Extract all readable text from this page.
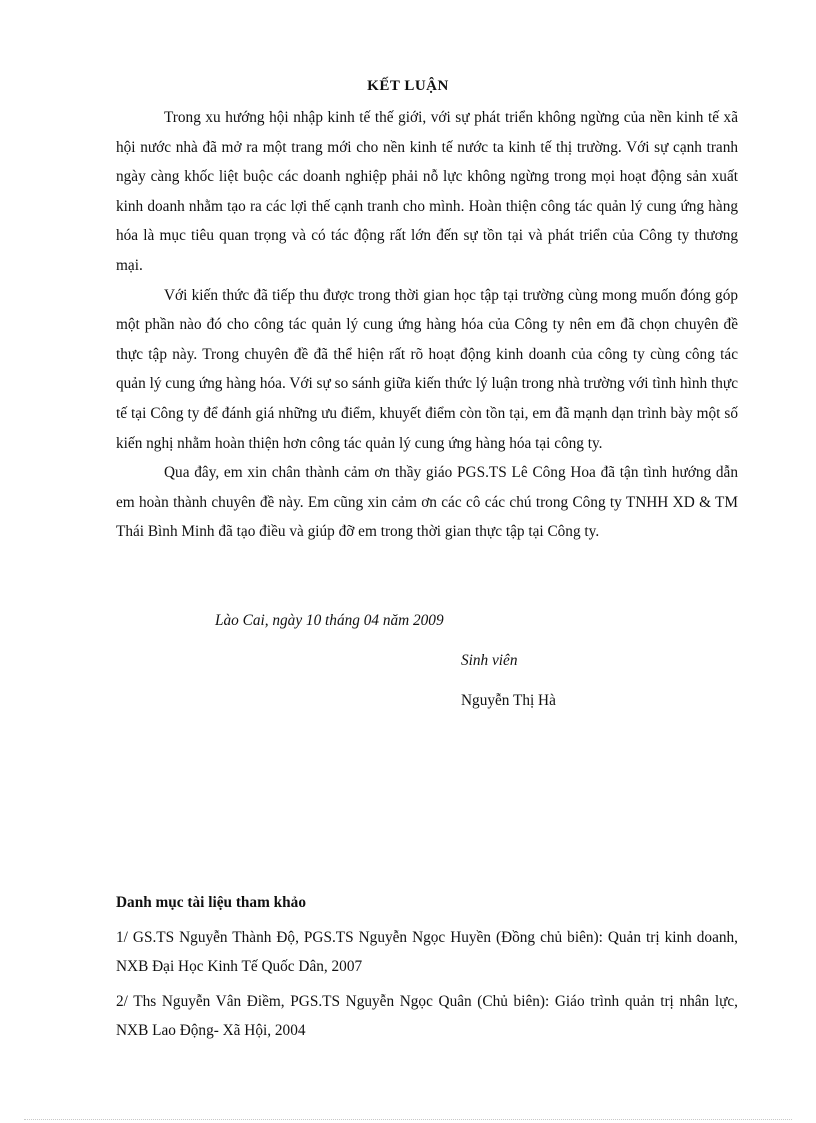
KẾT LUẬN

Trong xu hướng hội nhập kinh tế thế giới, với sự phát triển không ngừng của nền kinh tế xã hội nước nhà đã mở ra một trang mới cho nền kinh tế nước ta kinh tế thị trường. Với sự cạnh tranh ngày càng khốc liệt buộc các doanh nghiệp phải nỗ lực không ngừng trong mọi hoạt động sản xuất kinh doanh nhằm tạo ra các lợi thế cạnh tranh cho mình. Hoàn thiện công tác quản lý cung ứng hàng hóa là mục tiêu quan trọng và có tác động rất lớn đến sự tồn tại và phát triển của Công ty thương mại.

Với kiến thức đã tiếp thu được trong thời gian học tập tại trường cùng mong muốn đóng góp một phần nào đó cho công tác quản lý cung ứng hàng hóa của Công ty nên em đã chọn chuyên đề thực tập này. Trong chuyên đề đã thể hiện rất rõ hoạt động kinh doanh của công ty cùng công tác quản lý cung ứng hàng hóa. Với sự so sánh giữa kiến thức lý luận trong nhà trường với tình hình thực tế tại Công ty để đánh giá những ưu điểm, khuyết điểm còn tồn tại, em đã mạnh dạn trình bày một số kiến nghị nhằm hoàn thiện hơn công tác quản lý cung ứng hàng hóa tại công ty.

Qua đây, em xin chân thành cảm ơn thầy giáo PGS.TS Lê Công Hoa đã tận tình hướng dẫn em hoàn thành chuyên đề này. Em cũng xin cảm ơn các cô các chú trong Công ty TNHH XD & TM Thái Bình Minh đã tạo điều và giúp đỡ em trong thời gian thực tập tại Công ty.

Lào Cai, ngày 10 tháng 04 năm 2009
Sinh viên
Nguyễn Thị Hà
Danh mục tài liệu tham khảo
1/ GS.TS Nguyễn Thành Độ, PGS.TS Nguyễn Ngọc Huyền (Đồng chủ biên): Quản trị kinh doanh, NXB Đại Học Kinh Tế Quốc Dân, 2007
2/ Ths Nguyễn Vân Điềm, PGS.TS Nguyễn Ngọc Quân (Chủ biên): Giáo trình quản trị nhân lực, NXB Lao Động- Xã Hội, 2004
